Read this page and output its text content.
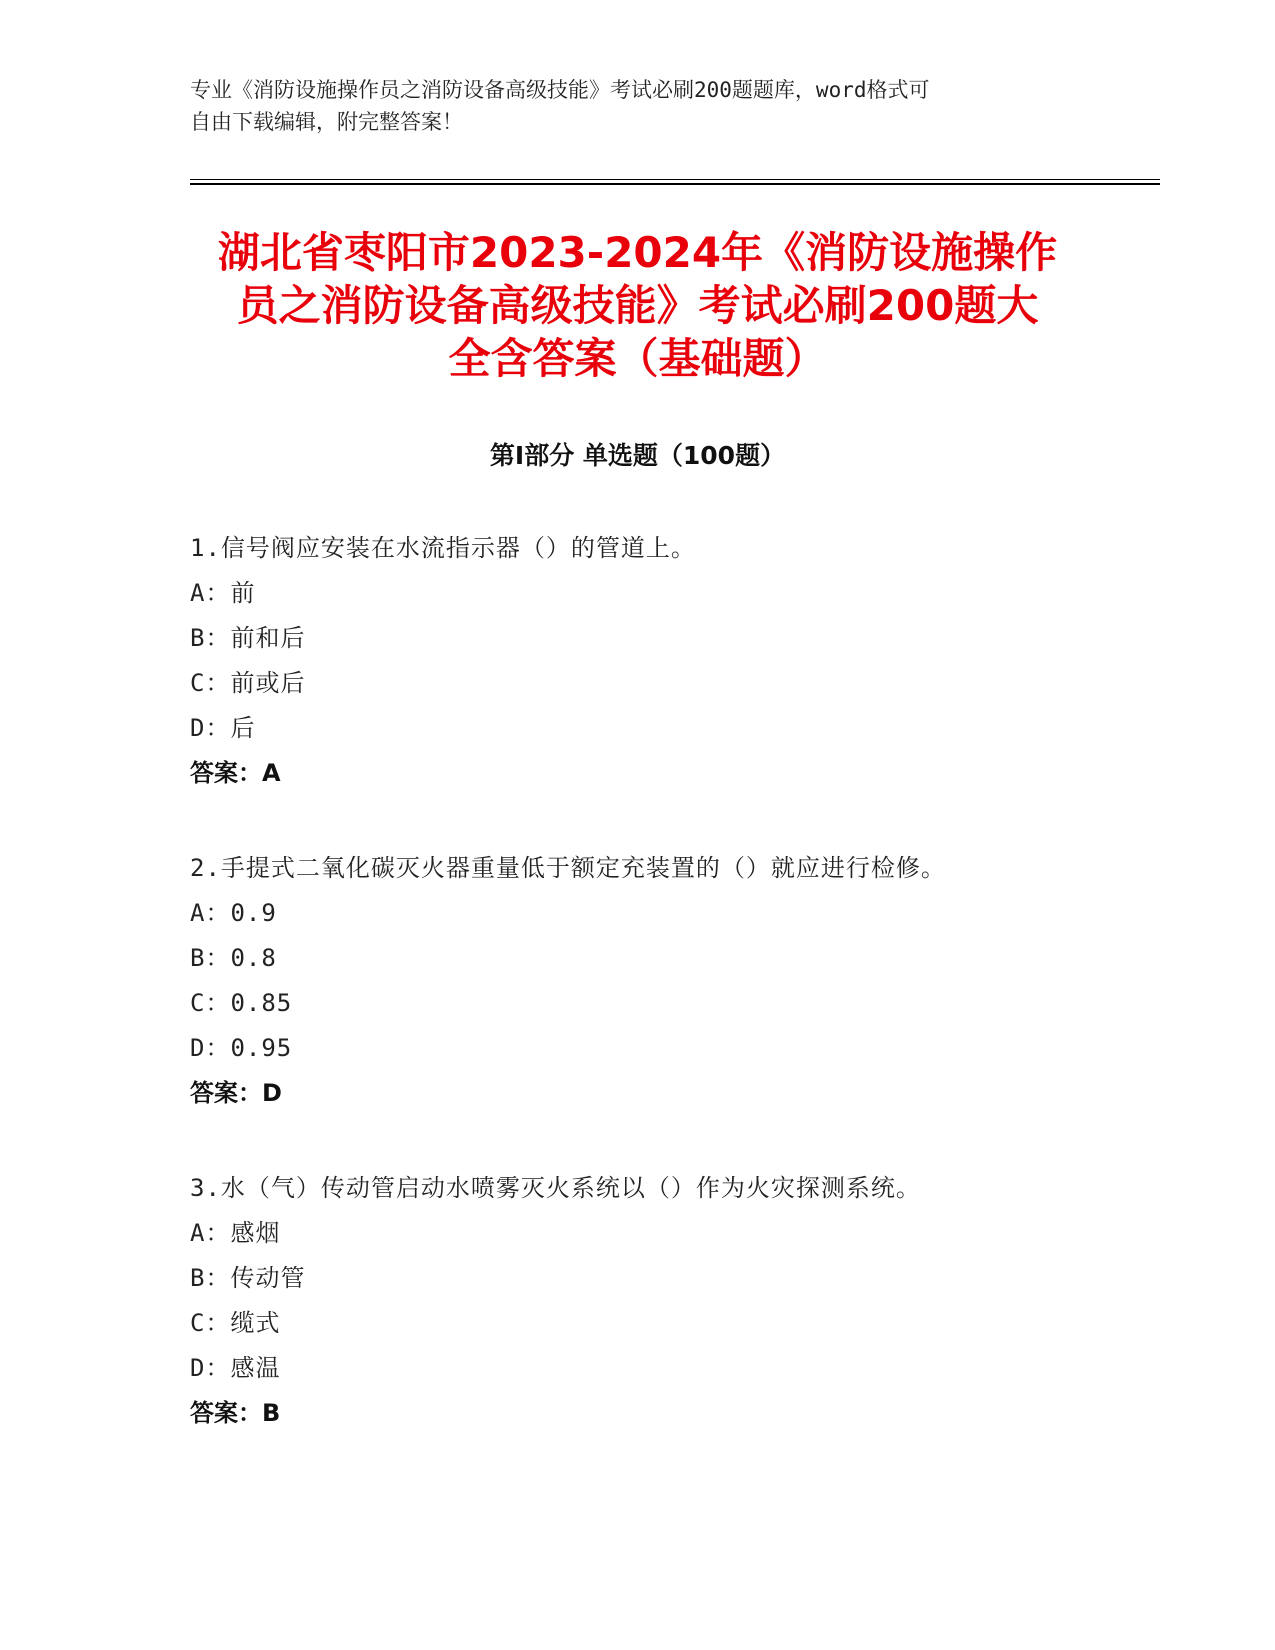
专业《消防设施操作员之消防设备高级技能》考试必刷200题题库，word格式可
自由下载编辑，附完整答案！
湖北省枣阳市2023-2024年《消防设施操作
员之消防设备高级技能》考试必刷200题大
全含答案（基础题）
第Ⅰ部分 单选题（100题）
1.信号阀应安装在水流指示器（）的管道上。
A：前
B：前和后
C：前或后
D：后
答案：A
2.手提式二氧化碳灭火器重量低于额定充装置的（）就应进行检修。
A：0.9
B：0.8
C：0.85
D：0.95
答案：D
3.水（气）传动管启动水喷雾灭火系统以（）作为火灾探测系统。
A：感烟
B：传动管
C：缆式
D：感温
答案：B
